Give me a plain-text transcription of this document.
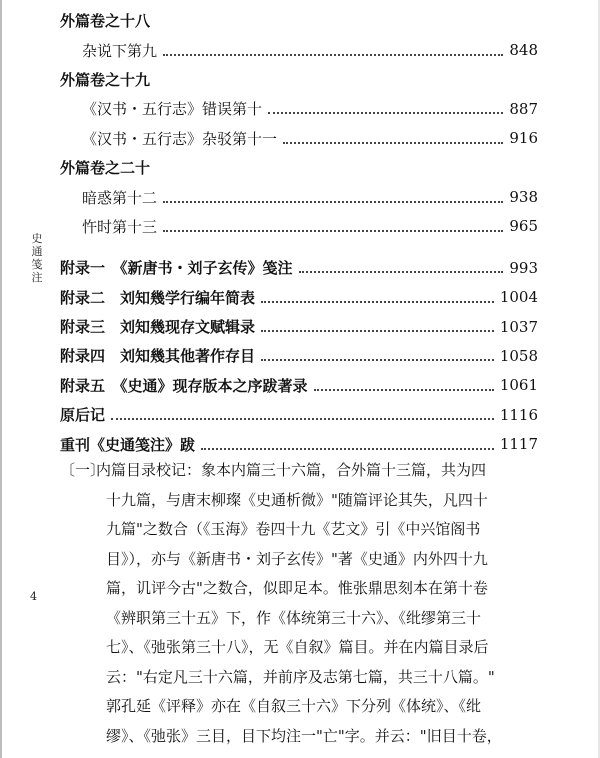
史通笺注
4
外篇卷之十八
杂说下第九	848
外篇卷之十九
《汉书・五行志》错误第十	887
《汉书・五行志》杂驳第十一	916
外篇卷之二十
暗惑第十二	938
忤时第十三	965
附录一　《新唐书・刘子玄传》笺注	993
附录二　刘知幾学行编年简表	1004
附录三　刘知幾现存文赋辑录	1037
附录四　刘知幾其他著作存目	1058
附录五　《史通》现存版本之序跋著录	1061
原后记	1116
重刊《史通笺注》跋	1117
〔一〕
内篇目录校记：象本内篇三十六篇，合外篇十三篇，共为四
十九篇，与唐末柳璨《史通析微》"随篇评论其失，凡四十
九篇"之数合（《玉海》卷四十九《艺文》引《中兴馆阁书
目》），亦与《新唐书・刘子玄传》"著《史通》内外四十九
篇，讥评今古"之数合，似即足本。惟张鼎思刻本在第十卷
《辨职第三十五》下，作《体统第三十六》、《纰缪第三十
七》、《弛张第三十八》，无《自叙》篇目。并在内篇目录后
云："右定凡三十六篇，并前序及志第七篇，共三十八篇。"
郭孔延《评释》亦在《自叙三十六》下分列《体统》、《纰
缪》、《弛张》三目，目下均注一"亡"字。并云："旧目十卷，
